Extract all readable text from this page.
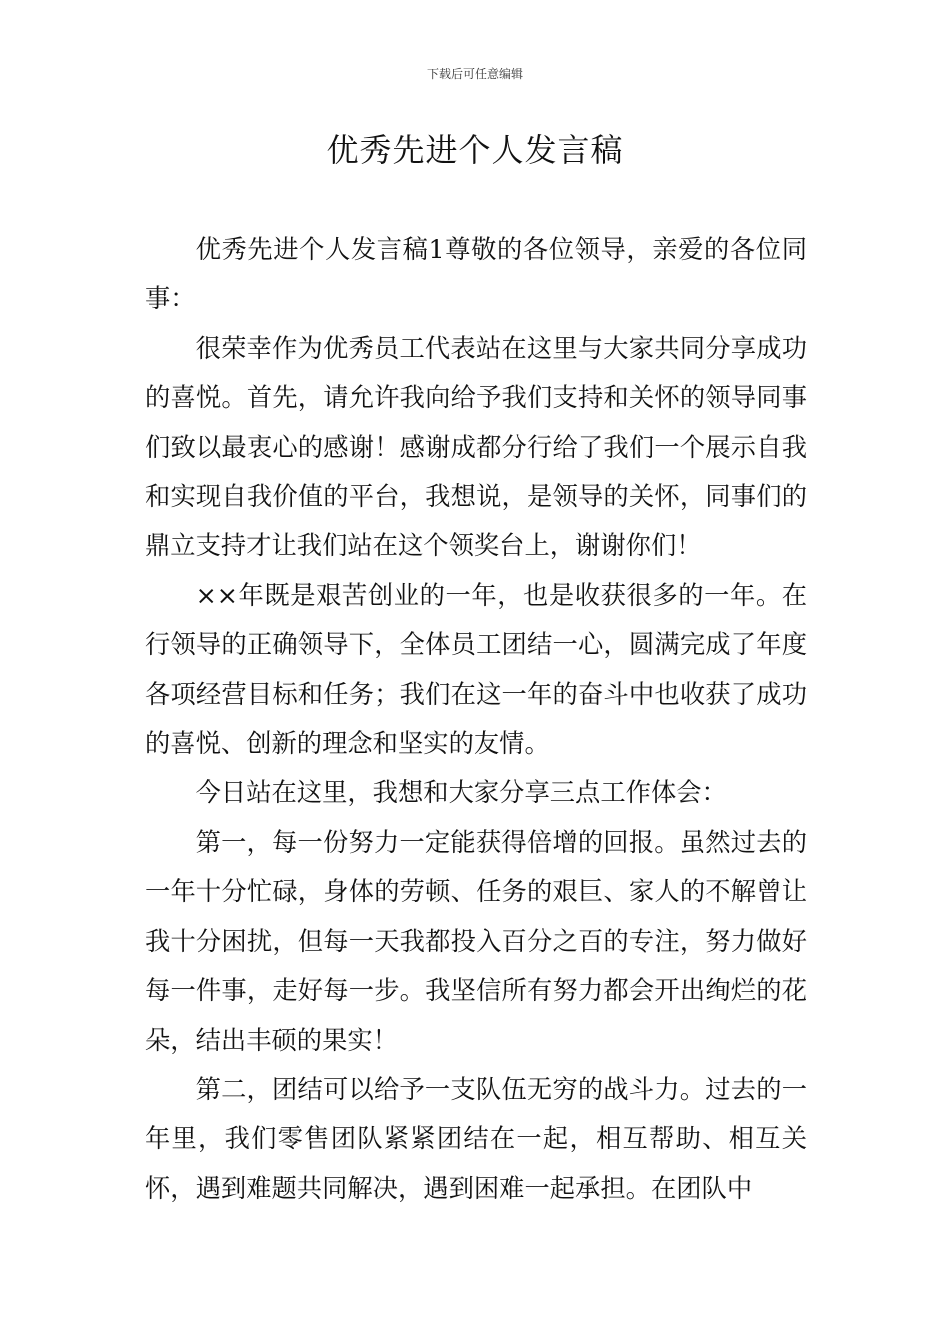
下载后可任意编辑
优秀先进个人发言稿

优秀先进个人发言稿1尊敬的各位领导，亲爱的各位同事：

很荣幸作为优秀员工代表站在这里与大家共同分享成功的喜悦。首先，请允许我向给予我们支持和关怀的领导同事们致以最衷心的感谢！感谢成都分行给了我们一个展示自我和实现自我价值的平台，我想说，是领导的关怀，同事们的鼎立支持才让我们站在这个领奖台上，谢谢你们！

××年既是艰苦创业的一年，也是收获很多的一年。在行领导的正确领导下，全体员工团结一心，圆满完成了年度各项经营目标和任务；我们在这一年的奋斗中也收获了成功的喜悦、创新的理念和坚实的友情。

今日站在这里，我想和大家分享三点工作体会：

第一，每一份努力一定能获得倍增的回报。虽然过去的一年十分忙碌，身体的劳顿、任务的艰巨、家人的不解曾让我十分困扰，但每一天我都投入百分之百的专注，努力做好每一件事，走好每一步。我坚信所有努力都会开出绚烂的花朵，结出丰硕的果实！

第二，团结可以给予一支队伍无穷的战斗力。过去的一年里，我们零售团队紧紧团结在一起，相互帮助、相互关怀，遇到难题共同解决，遇到困难一起承担。在团队中
